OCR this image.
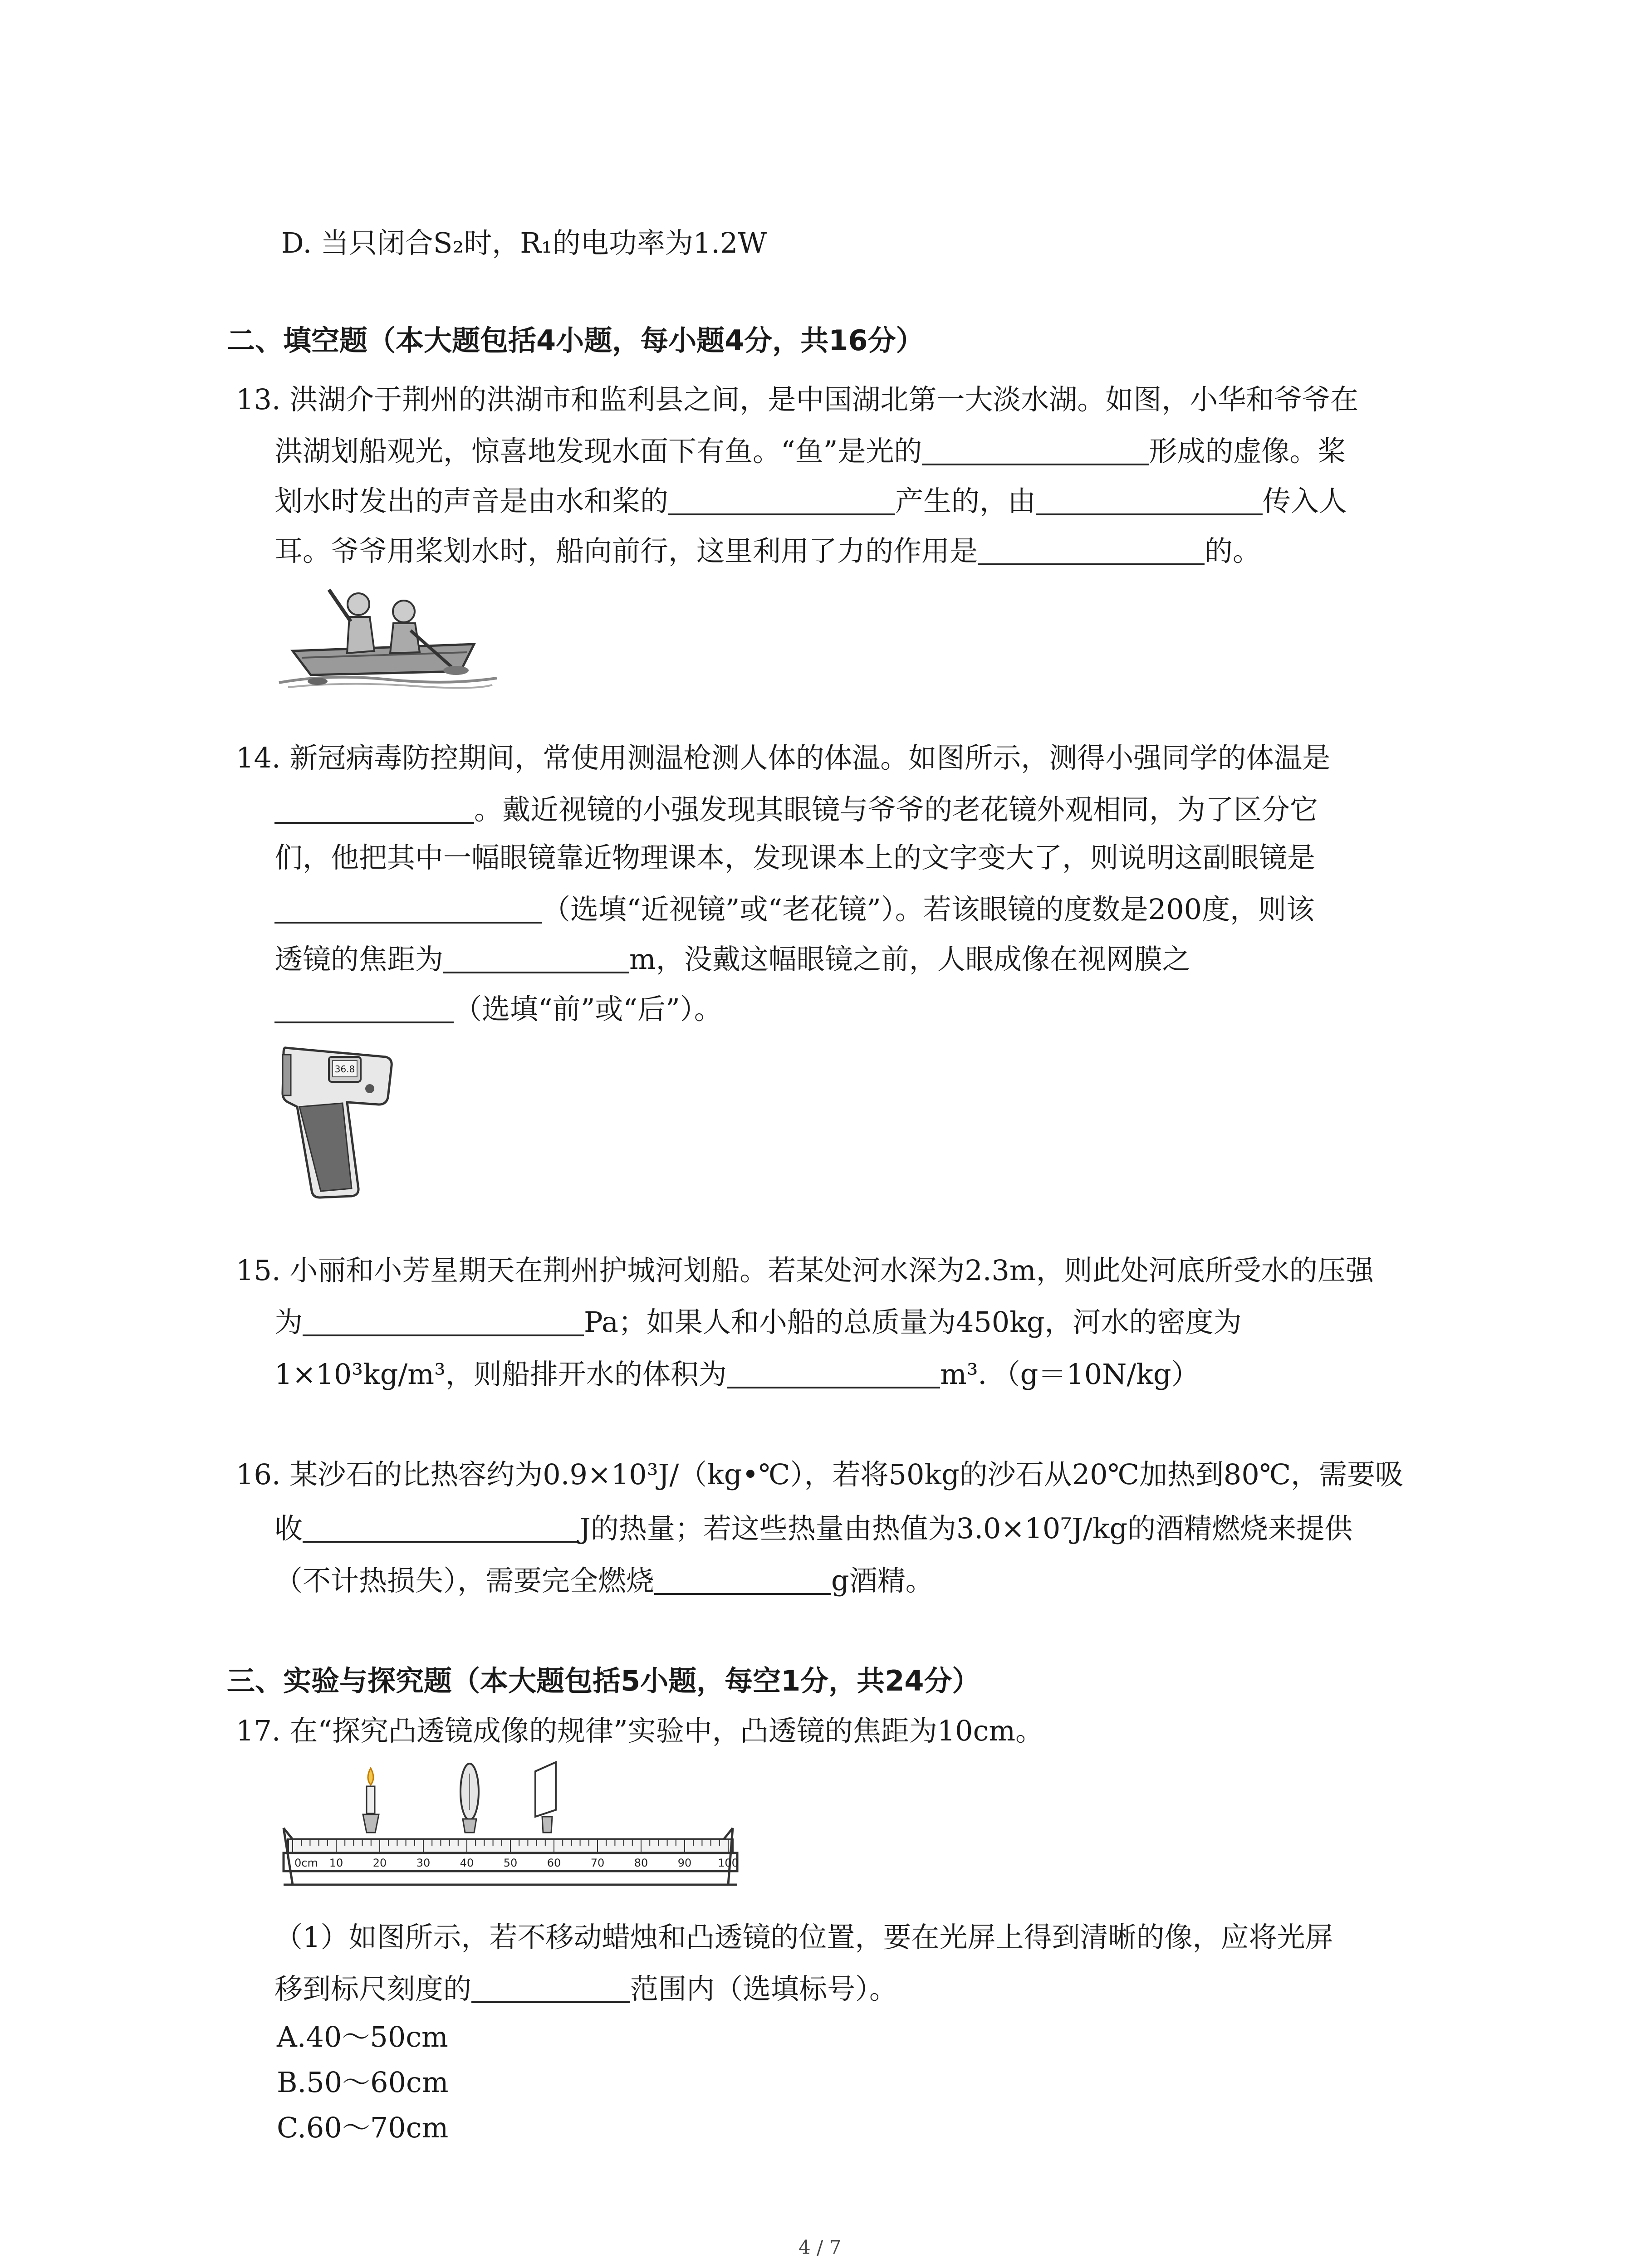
D. 当只闭合S₂时，R₁的电功率为1.2W
二、填空题（本大题包括4小题，每小题4分，共16分）
13. 洪湖介于荆州的洪湖市和监利县之间，是中国湖北第一大淡水湖。如图，小华和爷爷在
洪湖划船观光，惊喜地发现水面下有鱼。“鱼”是光的	形成的虚像。桨
划水时发出的声音是由水和桨的	产生的，由	传入人
耳。爷爷用桨划水时，船向前行，这里利用了力的作用是	的。
14. 新冠病毒防控期间，常使用测温枪测人体的体温。如图所示，测得小强同学的体温是
。戴近视镜的小强发现其眼镜与爷爷的老花镜外观相同，为了区分它
们，他把其中一幅眼镜靠近物理课本，发现课本上的文字变大了，则说明这副眼镜是
（选填“近视镜”或“老花镜”）。若该眼镜的度数是200度，则该
透镜的焦距为	m，没戴这幅眼镜之前，人眼成像在视网膜之
（选填“前”或“后”）。
36.8
15. 小丽和小芳星期天在荆州护城河划船。若某处河水深为2.3m，则此处河底所受水的压强
为	Pa；如果人和小船的总质量为450kg，河水的密度为
1×10³kg/m³，则船排开水的体积为	m³．（g＝10N/kg）
16. 某沙石的比热容约为0.9×10³J/（kg•℃），若将50kg的沙石从20℃加热到80℃，需要吸
收	J的热量；若这些热量由热值为3.0×10⁷J/kg的酒精燃烧来提供
（不计热损失），需要完全燃烧	g酒精。
三、实验与探究题（本大题包括5小题，每空1分，共24分）
17. 在“探究凸透镜成像的规律”实验中，凸透镜的焦距为10cm。
0cm 10	20	30	40	50	60	70	80	90 100
（1）如图所示，若不移动蜡烛和凸透镜的位置，要在光屏上得到清晰的像，应将光屏
移到标尺刻度的	范围内（选填标号）。
A.40～50cm
B.50～60cm
C.60～70cm
4 / 7
